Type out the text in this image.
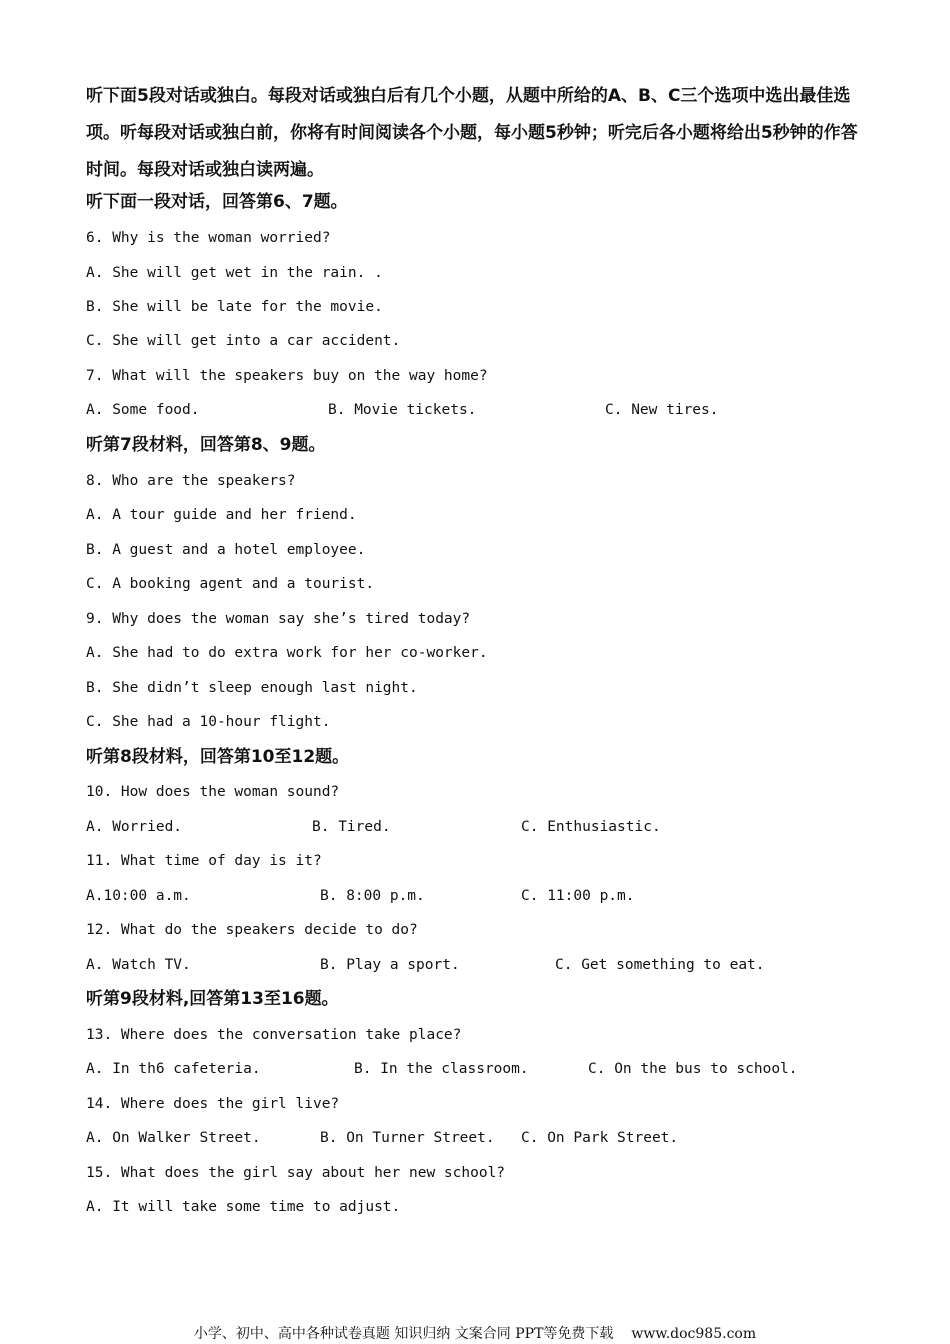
听下面5段对话或独白。每段对话或独白后有几个小题，从题中所给的A、B、C三个选项中选出最佳选项。听每段对话或独白前，你将有时间阅读各个小题，每小题5秒钟；听完后各小题将给出5秒钟的作答时间。每段对话或独白读两遍。

听下面一段对话，回答第6、7题。

6. Why is the woman worried?

A. She will get wet in the rain. .

B. She will be late for the movie.

C. She will get into a car accident.

7. What will the speakers buy on the way home?

A. Some food.	B. Movie tickets.	C. New tires.

听第7段材料，回答第8、9题。

8. Who are the speakers?

A. A tour guide and her friend.

B. A guest and a hotel employee.

C. A booking agent and a tourist.

9. Why does the woman say she’s tired today?

A. She had to do extra work for her co-worker.

B. She didn’t sleep enough last night.

C. She had a 10-hour flight.

听第8段材料，回答第10至12题。

10. How does the woman sound?

A. Worried.	B. Tired.	C. Enthusiastic.

11. What time of day is it?

A.10:00 a.m.	B. 8:00 p.m.	C. 11:00 p.m.

12. What do the speakers decide to do?

A. Watch TV.	B. Play a sport.	C. Get something to eat.

听第9段材料,回答第13至16题。

13. Where does the conversation take place?

A. In th6 cafeteria.	B. In the classroom.	C. On the bus to school.

14. Where does the girl live?

A. On Walker Street.	B. On Turner Street. C. On Park Street.

15. What does the girl say about her new school?

A. It will take some time to adjust.

小学、初中、高中各种试卷真题 知识归纳 文案合同 PPT等免费下载 www.doc985.com
